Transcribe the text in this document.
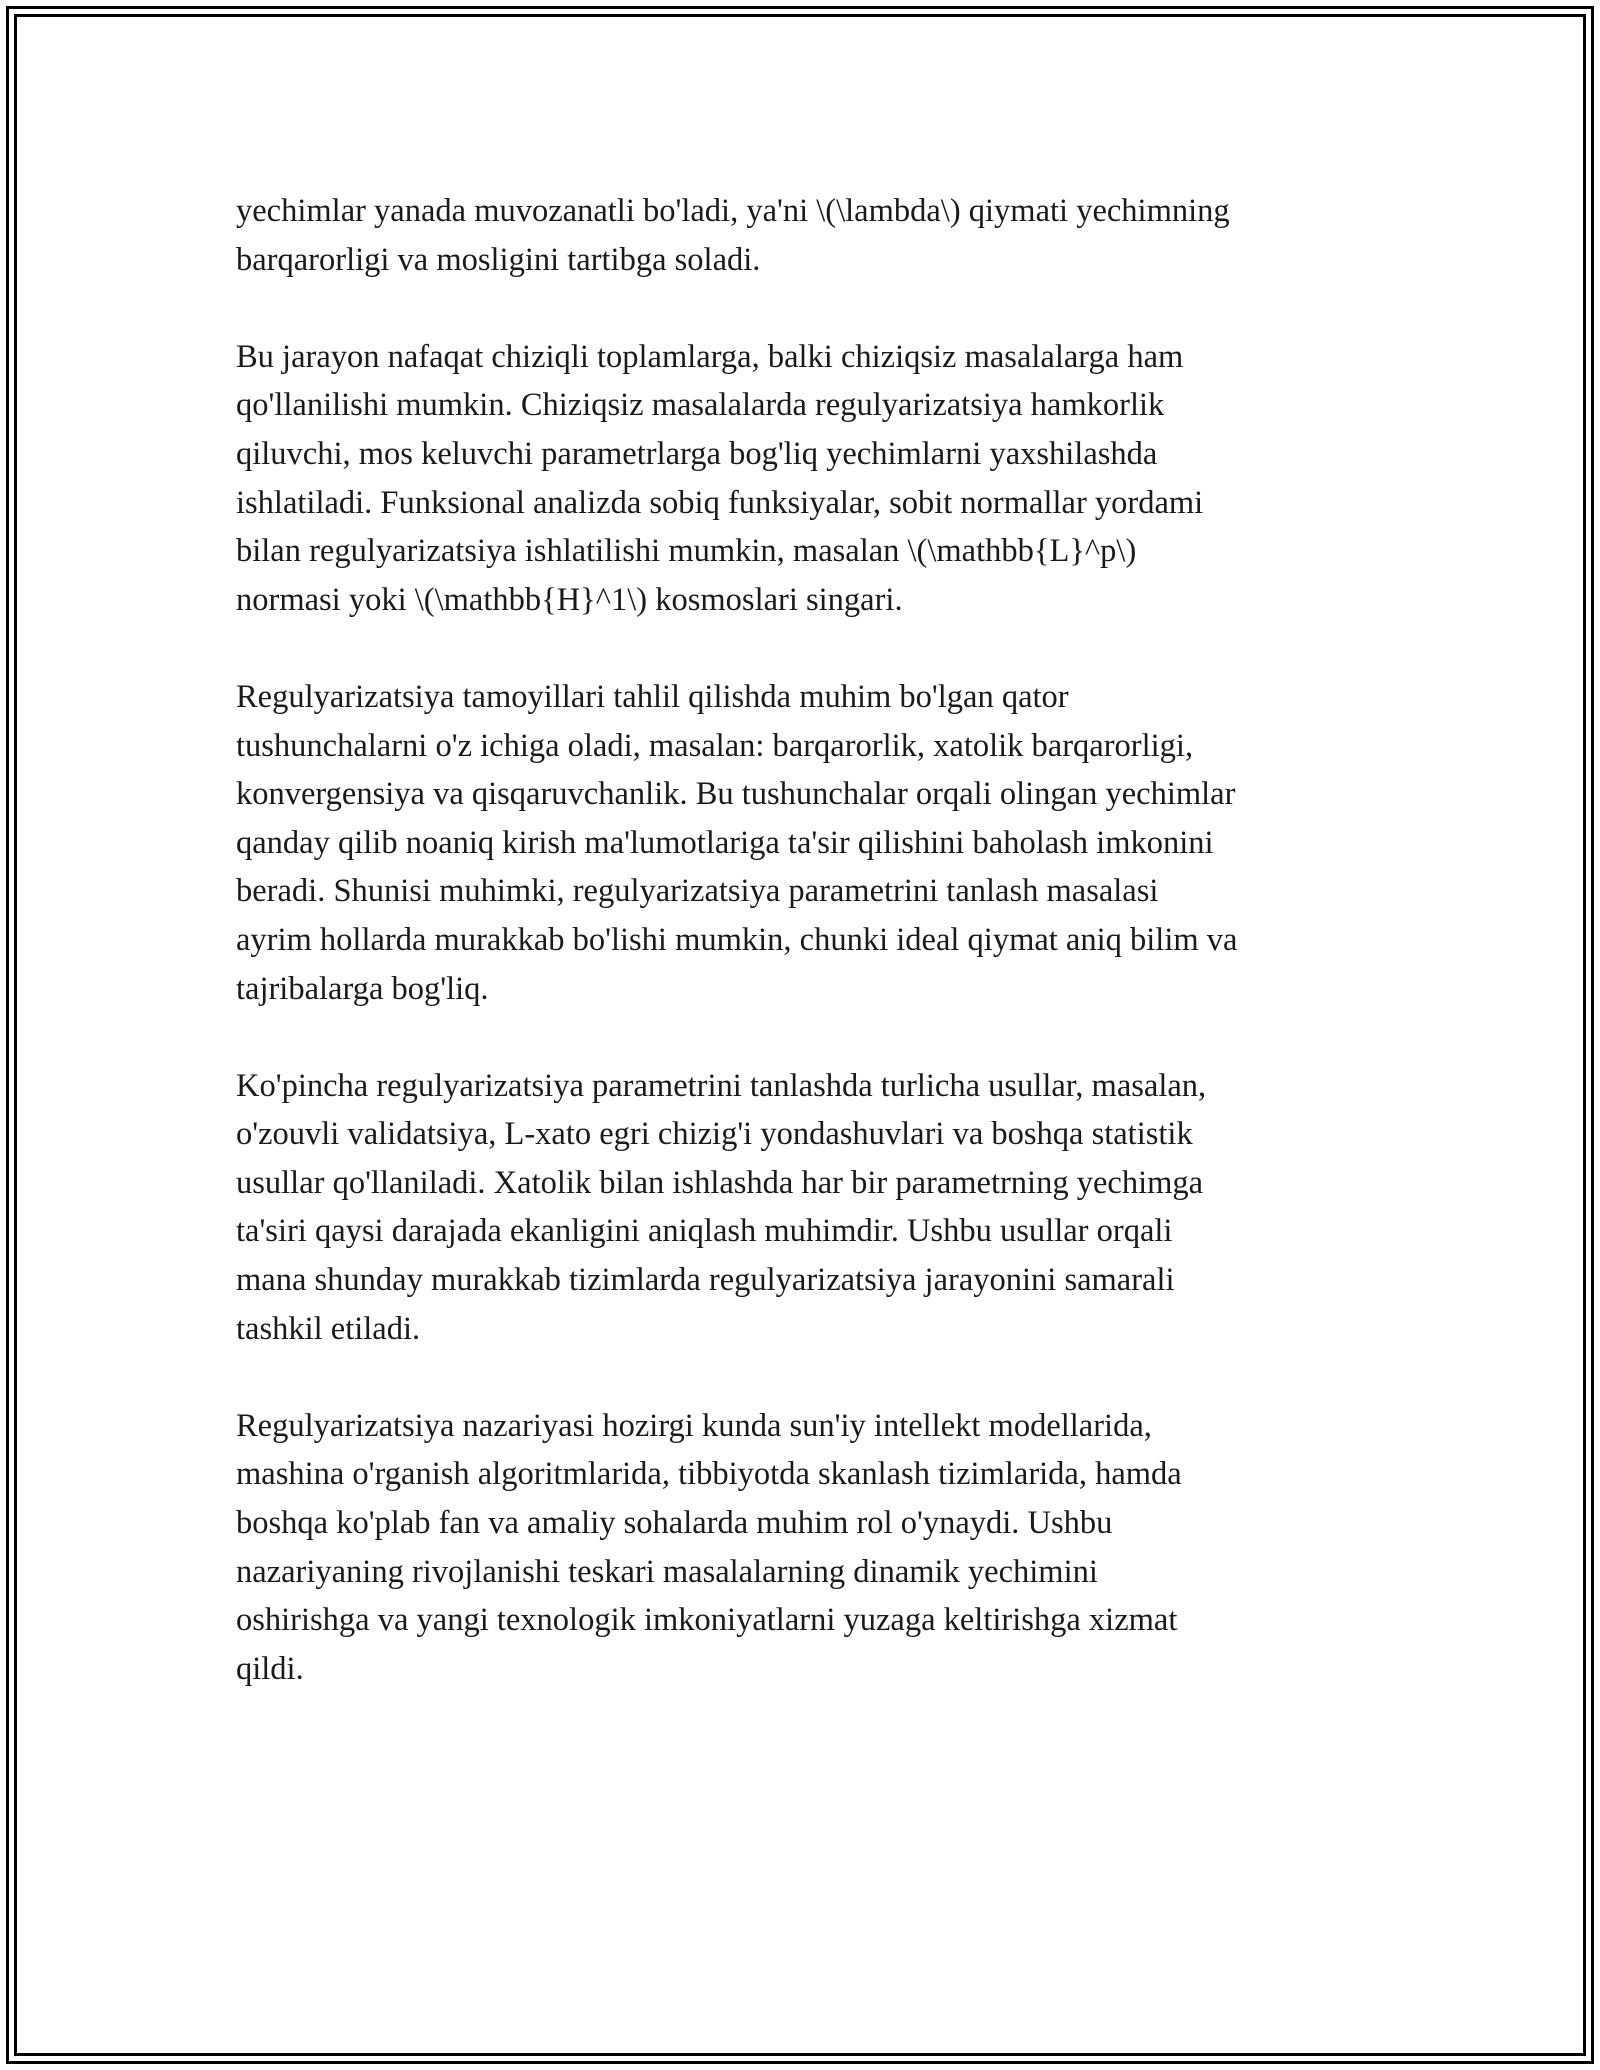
yechimlar yanada muvozanatli bo'ladi, ya'ni \(\lambda\) qiymati yechimning
barqarorligi va mosligini tartibga soladi.

Bu jarayon nafaqat chiziqli toplamlarga, balki chiziqsiz masalalarga ham
qo'llanilishi mumkin. Chiziqsiz masalalarda regulyarizatsiya hamkorlik
qiluvchi, mos keluvchi parametrlarga bog'liq yechimlarni yaxshilashda
ishlatiladi. Funksional analizda sobiq funksiyalar, sobit normallar yordami
bilan regulyarizatsiya ishlatilishi mumkin, masalan \(\mathbb{L}^p\)
normasi yoki \(\mathbb{H}^1\) kosmoslari singari.

Regulyarizatsiya tamoyillari tahlil qilishda muhim bo'lgan qator
tushunchalarni o'z ichiga oladi, masalan: barqarorlik, xatolik barqarorligi,
konvergensiya va qisqaruvchanlik. Bu tushunchalar orqali olingan yechimlar
qanday qilib noaniq kirish ma'lumotlariga ta'sir qilishini baholash imkonini
beradi. Shunisi muhimki, regulyarizatsiya parametrini tanlash masalasi
ayrim hollarda murakkab bo'lishi mumkin, chunki ideal qiymat aniq bilim va
tajribalarga bog'liq.

Ko'pincha regulyarizatsiya parametrini tanlashda turlicha usullar, masalan,
o'zouvli validatsiya, L-xato egri chizig'i yondashuvlari va boshqa statistik
usullar qo'llaniladi. Xatolik bilan ishlashda har bir parametrning yechimga
ta'siri qaysi darajada ekanligini aniqlash muhimdir. Ushbu usullar orqali
mana shunday murakkab tizimlarda regulyarizatsiya jarayonini samarali
tashkil etiladi.

Regulyarizatsiya nazariyasi hozirgi kunda sun'iy intellekt modellarida,
mashina o'rganish algoritmlarida, tibbiyotda skanlash tizimlarida, hamda
boshqa ko'plab fan va amaliy sohalarda muhim rol o'ynaydi. Ushbu
nazariyaning rivojlanishi teskari masalalarning dinamik yechimini
oshirishga va yangi texnologik imkoniyatlarni yuzaga keltirishga xizmat
qildi.
